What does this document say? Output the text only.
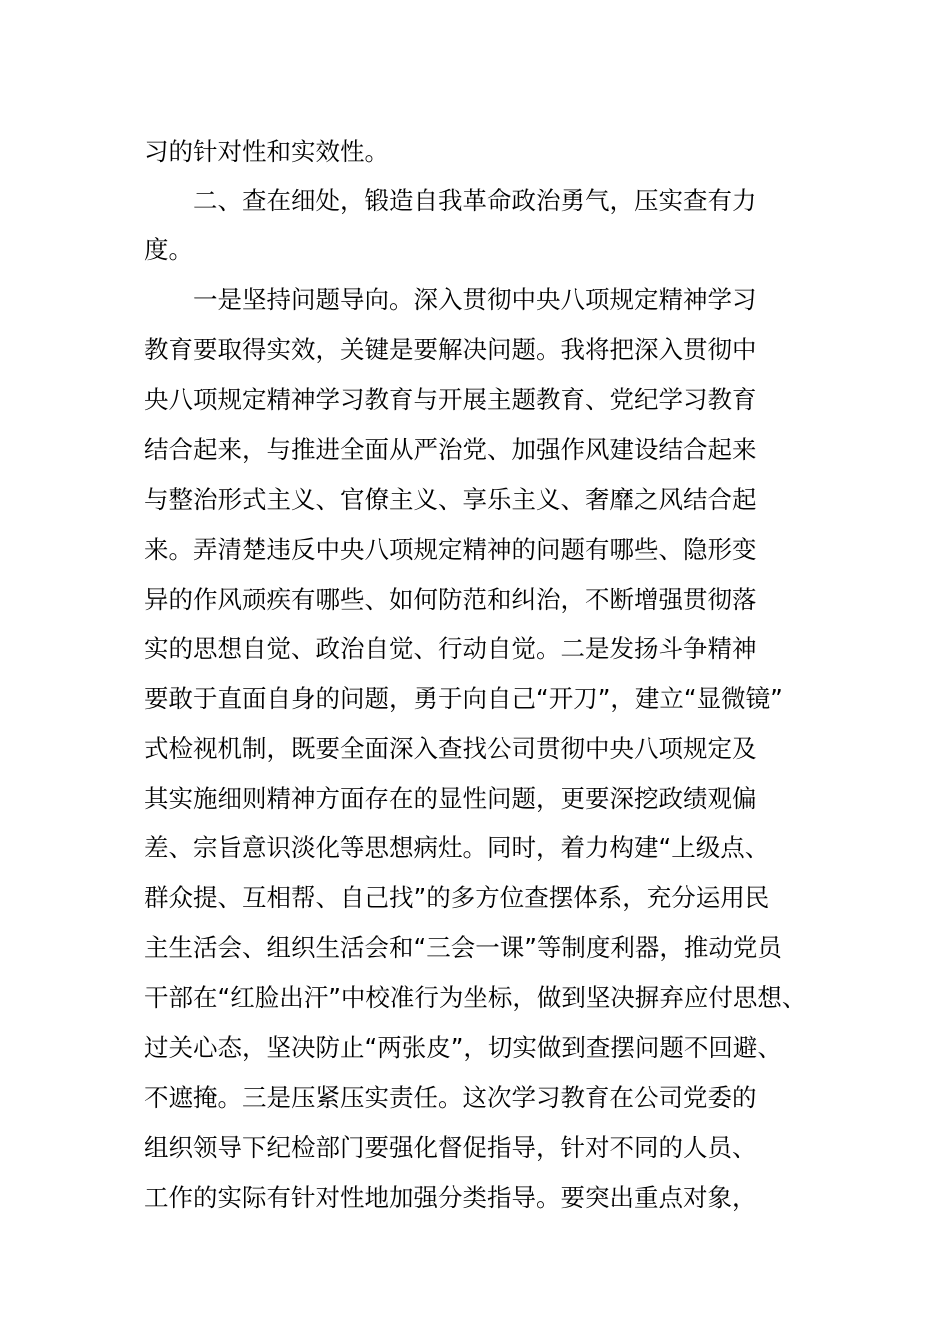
习的针对性和实效性。
　　二、查在细处，锻造自我革命政治勇气，压实查有力
度。
　　一是坚持问题导向。深入贯彻中央八项规定精神学习
教育要取得实效，关键是要解决问题。我将把深入贯彻中
央八项规定精神学习教育与开展主题教育、党纪学习教育
结合起来，与推进全面从严治党、加强作风建设结合起来
与整治形式主义、官僚主义、享乐主义、奢靡之风结合起
来。弄清楚违反中央八项规定精神的问题有哪些、隐形变
异的作风顽疾有哪些、如何防范和纠治，不断增强贯彻落
实的思想自觉、政治自觉、行动自觉。二是发扬斗争精神
要敢于直面自身的问题，勇于向自己“开刀”，建立“显微镜”
式检视机制，既要全面深入查找公司贯彻中央八项规定及
其实施细则精神方面存在的显性问题，更要深挖政绩观偏
差、宗旨意识淡化等思想病灶。同时，着力构建“上级点、
群众提、互相帮、自己找”的多方位查摆体系，充分运用民
主生活会、组织生活会和“三会一课”等制度利器，推动党员
干部在“红脸出汗”中校准行为坐标，做到坚决摒弃应付思想、
过关心态，坚决防止“两张皮”，切实做到查摆问题不回避、
不遮掩。三是压紧压实责任。这次学习教育在公司党委的
组织领导下纪检部门要强化督促指导，针对不同的人员、
工作的实际有针对性地加强分类指导。要突出重点对象，
